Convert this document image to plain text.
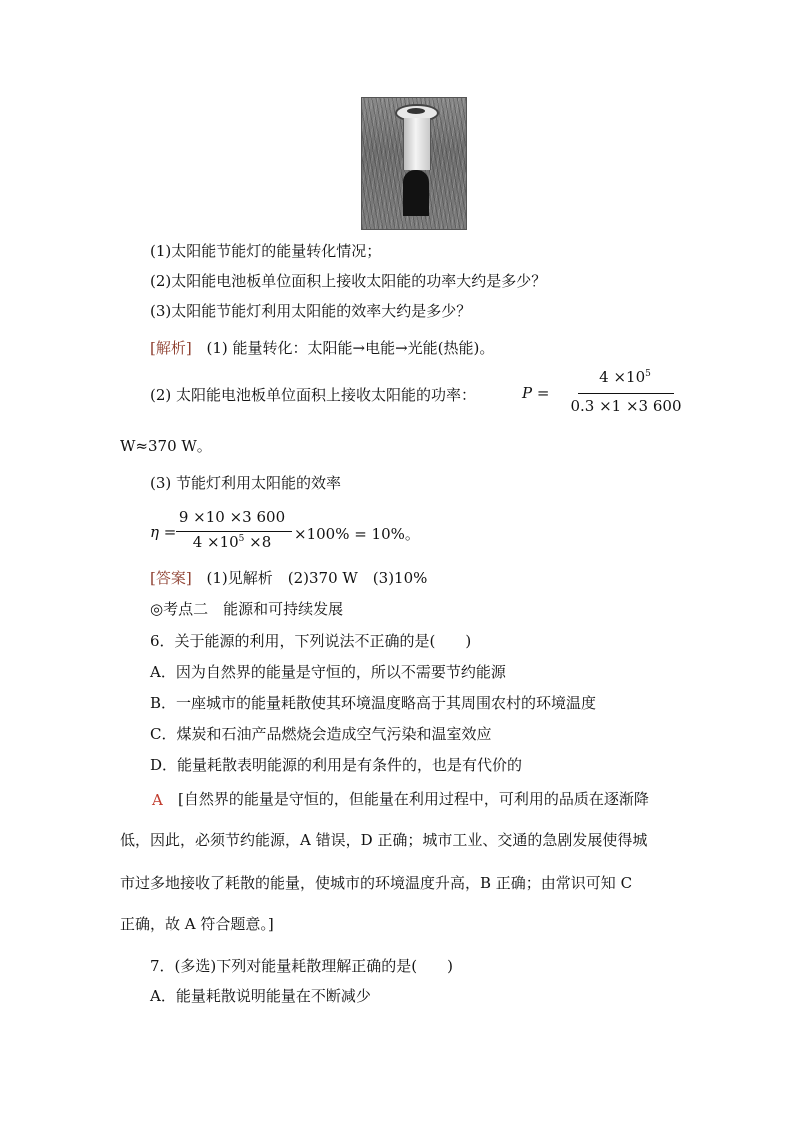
(1)太阳能节能灯的能量转化情况；
(2)太阳能电池板单位面积上接收太阳能的功率大约是多少？
(3)太阳能节能灯利用太阳能的效率大约是多少？
[解析] (1) 能量转化：太阳能→电能→光能(热能)。
(2) 太阳能电池板单位面积上接收太阳能的功率：	P =
$4 \times 10^5$
0.3 ×1 ×3 600
W≈370 W。
(3) 节能灯利用太阳能的效率
η =
9 ×10 ×3 600
$4 \times 10^5 \times 8$	×100% = 10%。
[答案] (1)见解析　(2)370 W　(3)10%
◎考点二　能源和可持续发展
6．关于能源的利用，下列说法不正确的是(　　)
A．因为自然界的能量是守恒的，所以不需要节约能源
B．一座城市的能量耗散使其环境温度略高于其周围农村的环境温度
C．煤炭和石油产品燃烧会造成空气污染和温室效应
D．能量耗散表明能源的利用是有条件的，也是有代价的
A [自然界的能量是守恒的，但能量在利用过程中，可利用的品质在逐渐降
低，因此，必须节约能源，A 错误，D 正确；城市工业、交通的急剧发展使得城
市过多地接收了耗散的能量，使城市的环境温度升高，B 正确；由常识可知 C
正确，故 A 符合题意。]
7．(多选)下列对能量耗散理解正确的是(　　)
A．能量耗散说明能量在不断减少
